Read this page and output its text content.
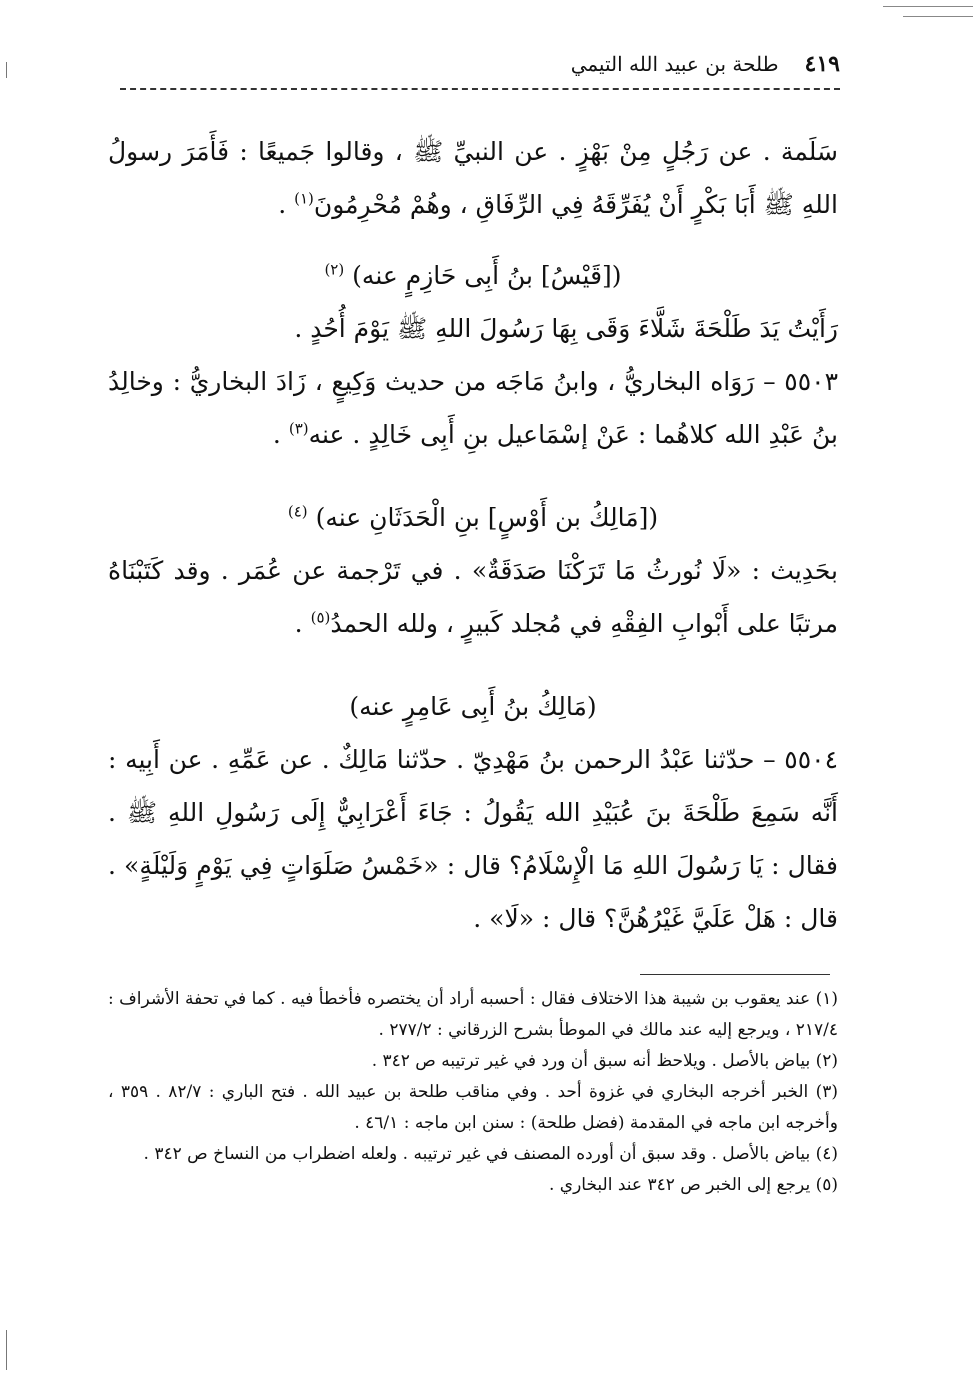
٤١٩
طلحة بن عبيد الله التيمي

سَلَمة . عن رَجُلٍ مِنْ بَهْزٍ . عن النبيِّ ﷺ ، وقالوا جَميعًا : فَأَمَرَ رسولُ اللهِ ﷺ أَبَا بَكْرٍ أَنْ يُفَرِّقَهُ فِي الرِّفَاقِ ، وهُمْ مُحْرِمُونَ$^{(١)}$ .

([قَيْسُ] بنُ أَبِى حَازِمٍ عنه) $^{(٢)}$

رَأَيْتُ يَدَ طَلْحَةَ شَلَّاءَ وَقَى بِهَا رَسُولَ اللهِ ﷺ يَوْمَ أُحُدٍ .

٥٥٠٣ – رَوَاه البخاريُّ ، وابنُ مَاجَه من حديث وَكِيعٍ ، زَادَ البخاريُّ : وخالِدُ بنُ عَبْدِ الله كلاهُما : عَنْ إسْمَاعيل بنِ أَبِى خَالِدٍ . عنه$^{(٣)}$ .

([مَالِكُ بن أَوْسٍ] بنِ الْحَدَثَانِ عنه) $^{(٤)}$

بحَدِيث : «لَا نُورثُ مَا تَرَكْنَا صَدَقَةٌ» . في تَرْجمة عن عُمَر . وقد كَتَبْنَاهُ مرتبًا على أَبْوابِ الفِقْهِ في مُجلد كَبيرٍ ، ولله الحمدُ$^{(٥)}$ .

(مَالِكُ بنُ أَبِى عَامِرٍ عنه)

٥٥٠٤ – حدّثنا عَبْدُ الرحمن بنُ مَهْدِيّ . حدّثنا مَالِكٌ . عن عَمِّهِ . عن أَبِيه : أَنَّه سَمِعَ طَلْحَةَ بنَ عُبَيْدِ الله يَقُولُ : جَاءَ أَعْرَابِيٌّ إِلَى رَسُولِ اللهِ ﷺ . فقال : يَا رَسُولَ اللهِ مَا الْإِسْلَامُ؟ قال : «خَمْسُ صَلَوَاتٍ فِي يَوْمٍ وَلَيْلَةٍ» . قال : هَلْ عَلَيَّ غَيْرُهُنَّ؟ قال : «لَا» .

(١) عند يعقوب بن شيبة هذا الاختلاف فقال : أحسبه أراد أن يختصره فأخطأ فيه . كما في تحفة الأشراف : ٢١٧/٤ ، ويرجع إليه عند مالك في الموطأ بشرح الزرقاني : ٢٧٧/٢ .

(٢) بياض بالأصل . ويلاحظ أنه سبق أن ورد في غير ترتيبه ص ٣٤٢ .

(٣) الخبر أخرجه البخاري في غزوة أحد . وفي مناقب طلحة بن عبيد الله . فتح الباري : ٨٢/٧ . ٣٥٩ ، وأخرجه ابن ماجه في المقدمة (فضل طلحة) : سنن ابن ماجه : ٤٦/١ .

(٤) بياض بالأصل . وقد سبق أن أورده المصنف في غير ترتيبه . ولعله اضطراب من النساخ ص ٣٤٢ .

(٥) يرجع إلى الخبر ص ٣٤٢ عند البخاري .
